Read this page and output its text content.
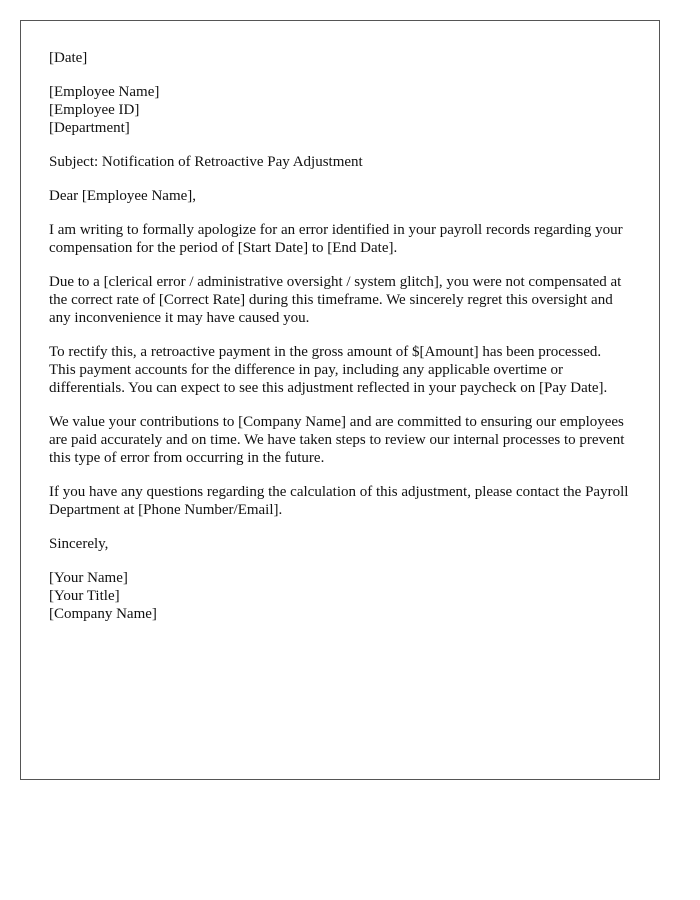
[Date]
[Employee Name]
[Employee ID]
[Department]
Subject: Notification of Retroactive Pay Adjustment
Dear [Employee Name],

I am writing to formally apologize for an error identified in your payroll records regarding your compensation for the period of [Start Date] to [End Date].

Due to a [clerical error / administrative oversight / system glitch], you were not compensated at the correct rate of [Correct Rate] during this timeframe. We sincerely regret this oversight and any inconvenience it may have caused you.

To rectify this, a retroactive payment in the gross amount of $[Amount] has been processed. This payment accounts for the difference in pay, including any applicable overtime or differentials. You can expect to see this adjustment reflected in your paycheck on [Pay Date].

We value your contributions to [Company Name] and are committed to ensuring our employees are paid accurately and on time. We have taken steps to review our internal processes to prevent this type of error from occurring in the future.

If you have any questions regarding the calculation of this adjustment, please contact the Payroll Department at [Phone Number/Email].

Sincerely,
[Your Name]
[Your Title]
[Company Name]
